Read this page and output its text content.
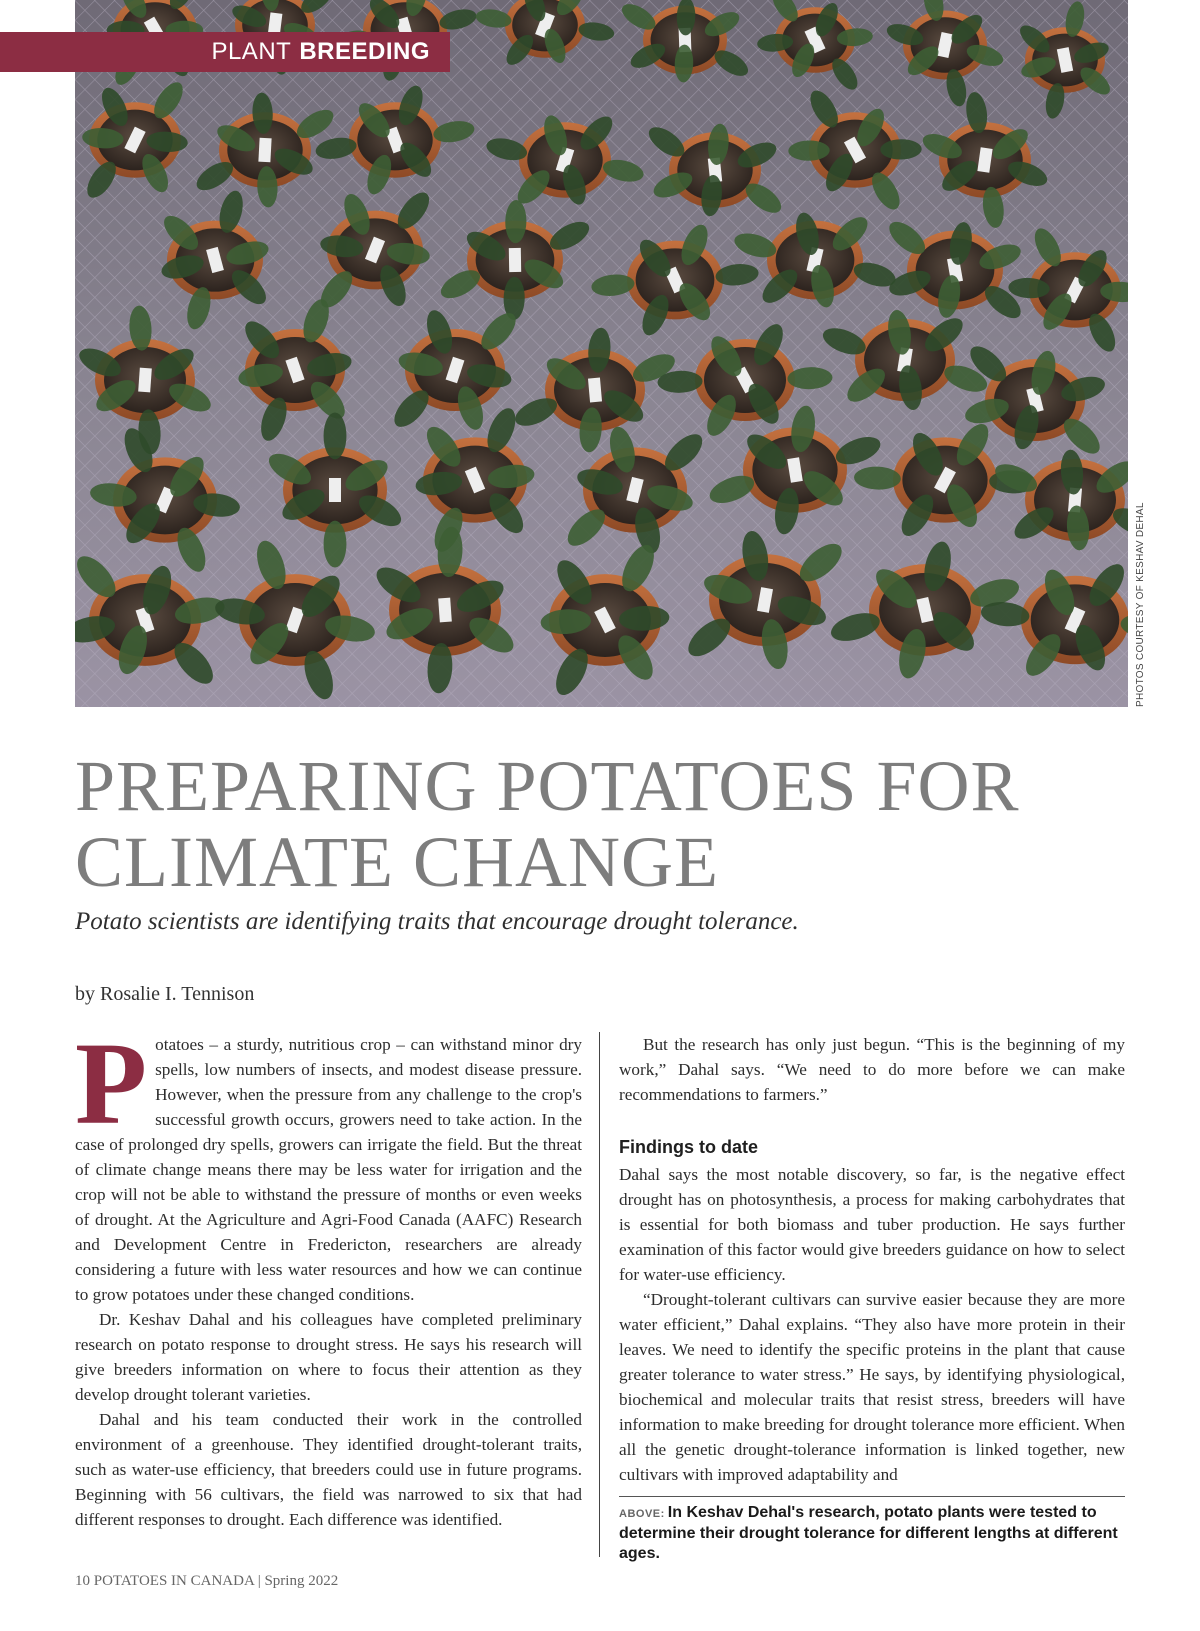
PLANT BREEDING
PHOTOS COURTESY OF KESHAV DEHAL
PREPARING POTATOES FOR
CLIMATE CHANGE

Potato scientists are identifying traits that encourage drought tolerance.

by Rosalie I. Tennison

Potatoes – a sturdy, nutritious crop – can withstand minor dry spells, low numbers of insects, and modest disease pressure. However, when the pressure from any challenge to the crop's successful growth occurs, growers need to take action. In the case of prolonged dry spells, growers can irrigate the field. But the threat of climate change means there may be less water for irrigation and the crop will not be able to withstand the pressure of months or even weeks of drought. At the Agriculture and Agri-Food Canada (AAFC) Research and Development Centre in Fredericton, researchers are already considering a future with less water resources and how we can continue to grow potatoes under these changed conditions.

Dr. Keshav Dahal and his colleagues have completed preliminary research on potato response to drought stress. He says his research will give breeders information on where to focus their attention as they develop drought tolerant varieties.

Dahal and his team conducted their work in the controlled environment of a greenhouse. They identified drought-tolerant traits, such as water-use efficiency, that breeders could use in future programs. Beginning with 56 cultivars, the field was narrowed to six that had different responses to drought. Each difference was identified.

But the research has only just begun. “This is the beginning of my work,” Dahal says. “We need to do more before we can make recommendations to farmers.”

Findings to date

Dahal says the most notable discovery, so far, is the negative effect drought has on photosynthesis, a process for making carbohydrates that is essential for both biomass and tuber production. He says further examination of this factor would give breeders guidance on how to select for water-use efficiency.

“Drought-tolerant cultivars can survive easier because they are more water efficient,” Dahal explains. “They also have more protein in their leaves. We need to identify the specific proteins in the plant that cause greater tolerance to water stress.” He says, by identifying physiological, biochemical and molecular traits that resist stress, breeders will have information to make breeding for drought tolerance more efficient. When all the genetic drought-tolerance information is linked together, new cultivars with improved adaptability and

ABOVE: In Keshav Dehal's research, potato plants were tested to determine their drought tolerance for different lengths at different ages.
10 POTATOES IN CANADA | Spring 2022
